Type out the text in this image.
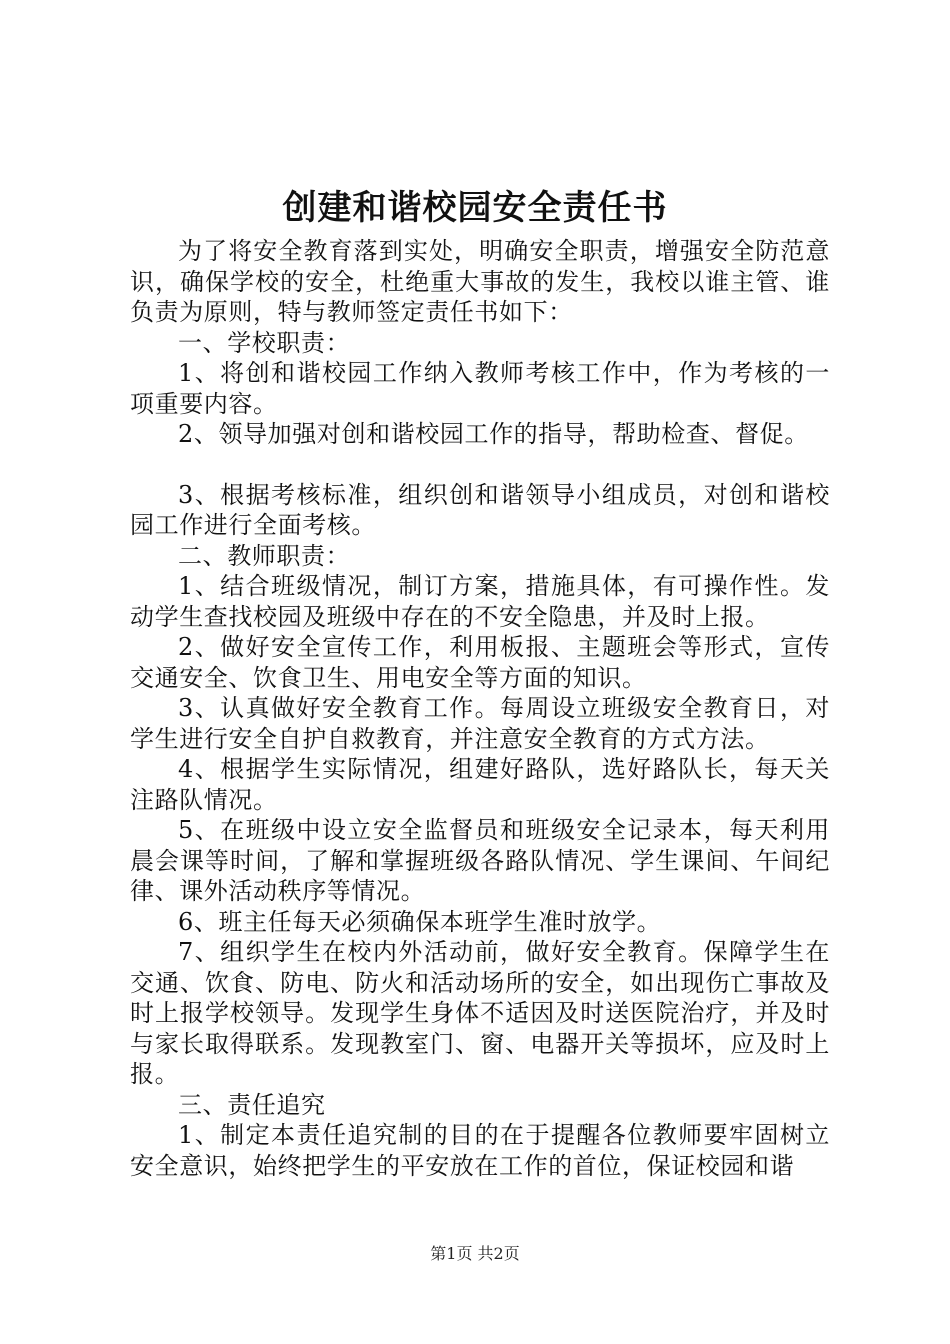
创建和谐校园安全责任书

为了将安全教育落到实处，明确安全职责，增强安全防范意识，确保学校的安全，杜绝重大事故的发生，我校以谁主管、谁负责为原则，特与教师签定责任书如下：

一、学校职责：

1、将创和谐校园工作纳入教师考核工作中，作为考核的一项重要内容。

2、领导加强对创和谐校园工作的指导，帮助检查、督促。

3、根据考核标准，组织创和谐领导小组成员，对创和谐校园工作进行全面考核。

二、教师职责：

1、结合班级情况，制订方案，措施具体，有可操作性。发动学生查找校园及班级中存在的不安全隐患，并及时上报。

2、做好安全宣传工作，利用板报、主题班会等形式，宣传交通安全、饮食卫生、用电安全等方面的知识。

3、认真做好安全教育工作。每周设立班级安全教育日，对学生进行安全自护自救教育，并注意安全教育的方式方法。

4、根据学生实际情况，组建好路队，选好路队长，每天关注路队情况。

5、在班级中设立安全监督员和班级安全记录本，每天利用晨会课等时间，了解和掌握班级各路队情况、学生课间、午间纪律、课外活动秩序等情况。

6、班主任每天必须确保本班学生准时放学。

7、组织学生在校内外活动前，做好安全教育。保障学生在交通、饮食、防电、防火和活动场所的安全，如出现伤亡事故及时上报学校领导。发现学生身体不适因及时送医院治疗，并及时与家长取得联系。发现教室门、窗、电器开关等损坏，应及时上报。

三、责任追究

1、制定本责任追究制的目的在于提醒各位教师要牢固树立安全意识，始终把学生的平安放在工作的首位，保证校园和谐

第1页 共2页
